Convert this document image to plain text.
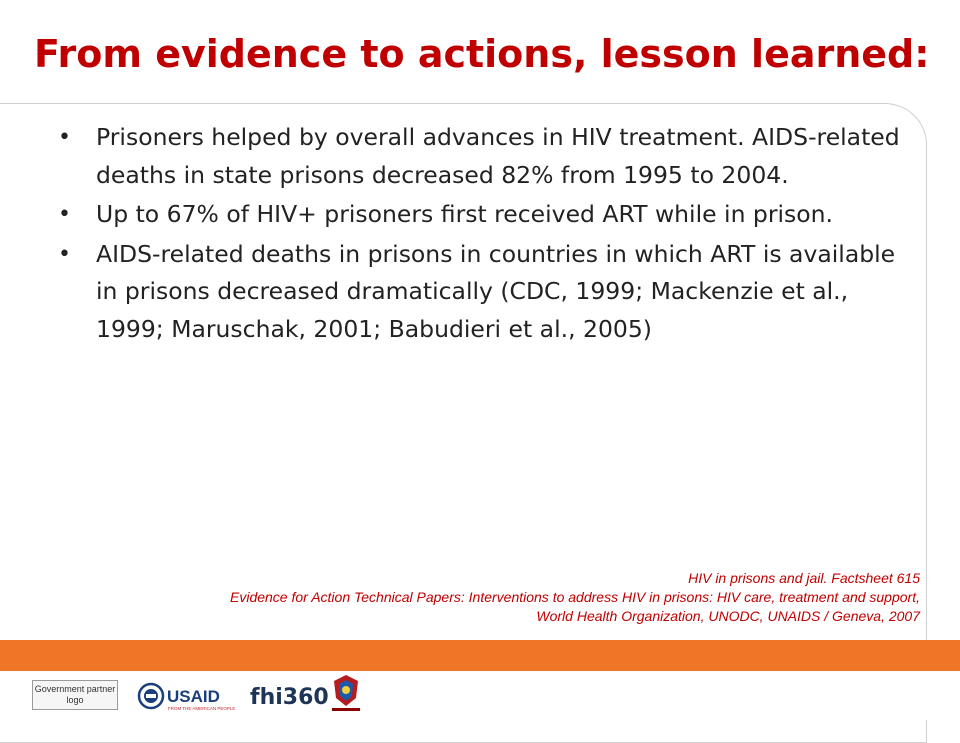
From evidence to actions, lesson learned:
• Prisoners helped by overall advances in HIV treatment. AIDS-related deaths in state prisons decreased 82% from 1995 to 2004.
• Up to 67% of HIV+ prisoners first received ART while in prison.
• AIDS-related deaths in prisons in countries in which ART is available in prisons decreased dramatically (CDC, 1999; Mackenzie et al., 1999; Maruschak, 2001; Babudieri et al., 2005)
HIV in prisons and jail. Factsheet 615
Evidence for Action Technical Papers: Interventions to address HIV in prisons: HIV care, treatment and support,
World Health Organization, UNODC, UNAIDS / Geneva, 2007
Government partner logo	USAID
FROM THE AMERICAN PEOPLE fhi360
